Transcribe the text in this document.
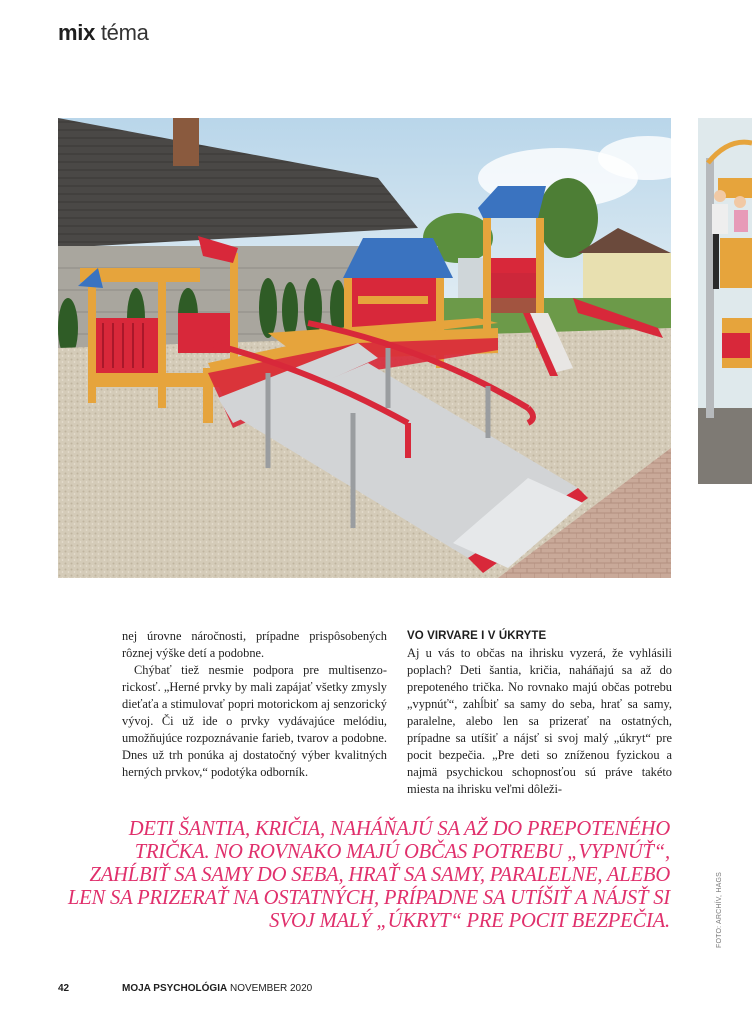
mix téma

nej úrovne náročnosti, prípadne prispôsobených rôznej výške detí a podobne.

Chýbať tiež nesmie podpora pre multisenzorickosť. „Herné prvky by mali zapájať všetky zmysly dieťaťa a stimulovať popri motorickom aj senzorický vývoj. Či už ide o prvky vydávajúce melódiu, umožňujúce rozpoznávanie farieb, tvarov a podobne. Dnes už trh ponúka aj dostatočný výber kvalitných herných prvkov,“ podotýka odborník.

VO VIRVARE I V ÚKRYTE

Aj u vás to občas na ihrisku vyzerá, že vyhlásili poplach? Deti šantia, kričia, naháňajú sa až do prepoteného trička. No rovnako majú občas potrebu „vypnúť“, zahĺbiť sa samy do seba, hrať sa samy, paralelne, alebo len sa prizerať na ostatných, prípadne sa utíšiť a nájsť si svoj malý „úkryt“ pre pocit bezpečia. „Pre deti so zníženou fyzickou a najmä psychickou schopnosťou sú práve takéto miesta na ihrisku veľmi dôleži-

DETI ŠANTIA, KRIČIA, NAHÁŇAJÚ SA AŽ DO PREPOTENÉHO TRIČKA. NO ROVNAKO MAJÚ OBČAS POTREBU „VYPNÚŤ“, ZAHĹBIŤ SA SAMY DO SEBA, HRAŤ SA SAMY, PARALELNE, ALEBO LEN SA PRIZERAŤ NA OSTATNÝCH, PRÍPADNE SA UTÍŠIŤ A NÁJSŤ SI SVOJ MALÝ „ÚKRYT“ PRE POCIT BEZPEČIA.	FOTO: ARCHÍV, HAGS
42	MOJA PSYCHOLÓGIA NOVEMBER 2020
